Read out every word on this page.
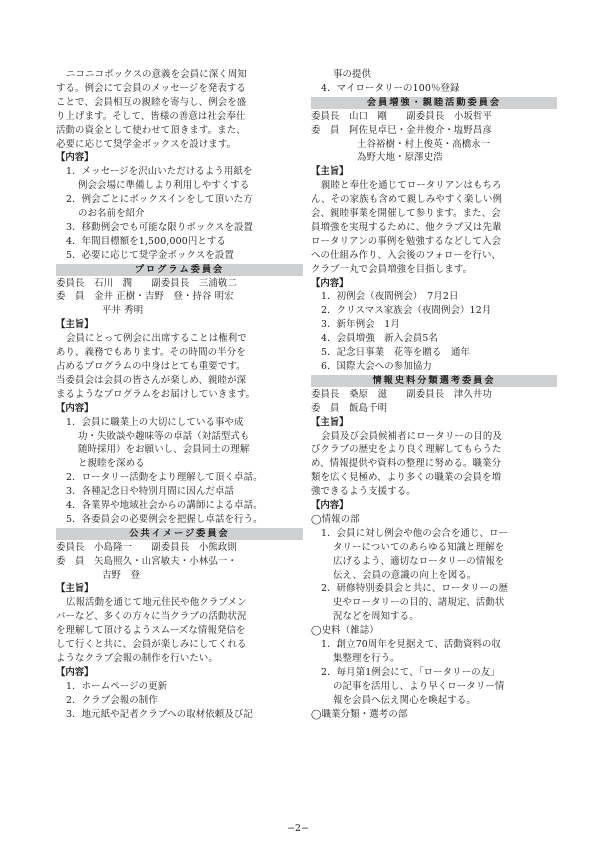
ニコニコボックスの意義を会員に深く周知
する。例会にて会員のメッセージを発表する
ことで、会員相互の親睦を寄与し、例会を盛
り上げます。そして、皆様の善意は社会奉仕
活動の資金として使わせて頂きます。また、
必要に応じて奨学金ボックスを設けます。
【内容】
1．メッセージを沢山いただけるよう用紙を
例会会場に準備しより利用しやすくする
2．例会ごとにボックスインをして頂いた方
のお名前を紹介
3．移動例会でも可能な限りボックスを設置
4．年間目標額を1,500,000円とする
5．必要に応じて奨学金ボックスを設置
プログラム委員会
委員長　石川　潤　　副委員長　三浦敬二
委　員　金井 正樹・吉野　登・持谷 明宏
平井 秀明
【主旨】
会員にとって例会に出席することは権利で
あり、義務でもあります。その時間の半分を
占めるプログラムの中身はとても重要です。
当委員会は会員の皆さんが楽しめ、親睦が深
まるようなプログラムをお届けしていきます。
【内容】
1．会員に職業上の大切にしている事や成
功・失敗談や趣味等の卓話（対話型式も
随時採用）をお願いし、会員同士の理解
と親睦を深める
2．ロータリー活動をより理解して頂く卓話。
3．各種記念日や特別月間に因んだ卓話
4．各業界や地域社会からの講師による卓話。
5．各委員会の必要例会を把握し卓話を行う。
公共イメージ委員会
委員長　小島隆一　　副委員長　小熊政則
委　員　矢島照久・山宮敏夫・小林弘一・
吉野　登
【主旨】
広報活動を通じて地元住民や他クラブメン
バーなど、多くの方々に当クラブの活動状況
を理解して頂けるようスムーズな情報発信を
して行くと共に、会員が楽しみにしてくれる
ようなクラブ会報の制作を行いたい。
【内容】
1．ホームページの更新
2．クラブ会報の制作
3．地元紙や記者クラブへの取材依頼及び記
事の提供
4．マイロータリーの100％登録
会員増強・親睦活動委員会
委員長　山口　剛　　副委員長　小坂哲平
委　員　阿佐見卓巳・金井俊介・塩野昌彦
土谷裕樹・村上俊英・高橋永一
為野大地・原澤史浩
【主旨】
親睦と奉仕を通じてロータリアンはもちろ
ん、その家族も含めて親しみやすく楽しい例
会、親睦事業を開催して参ります。また、会
員増強を実現するために、他クラブ又は先輩
ロータリアンの事例を勉強するなどして入会
への仕組み作り、入会後のフォローを行い、
クラブ一丸で会員増強を目指します。
【内容】
1．初例会（夜間例会）　7月2日
2．クリスマス家族会（夜間例会）12月
3．新年例会　1月
4．会員増強　新入会員5名
5．記念日事業　花等を贈る　通年
6．国際大会への参加協力
情報史料分類選考委員会
委員長　桑原　滋　　副委員長　津久井功
委　員　飯島千明
【主旨】
会員及び会員候補者にロータリーの目的及
びクラブの歴史をより良く理解してもらうた
め、情報提供や資料の整理に努める。職業分
類を広く見極め、より多くの職業の会員を増
強できるよう支援する。
【内容】
◯情報の部
1．会員に対し例会や他の会合を通じ、ロー
タリーについてのあらゆる知識と理解を
広げるよう、適切なロータリーの情報を
伝え、会員の意識の向上を図る。
2．研修特別委員会と共に、ロータリーの歴
史やロータリーの目的、諸規定、活動状
況などを周知する。
◯史料（雑誌）
1．創立70周年を見据えて、活動資料の収
集整理を行う。
2．毎月第1例会にて、「ロータリーの友」
の記事を活用し、より早くロータリー情
報を会員へ伝え関心を喚起する。
◯職業分類・選考の部
−2−
